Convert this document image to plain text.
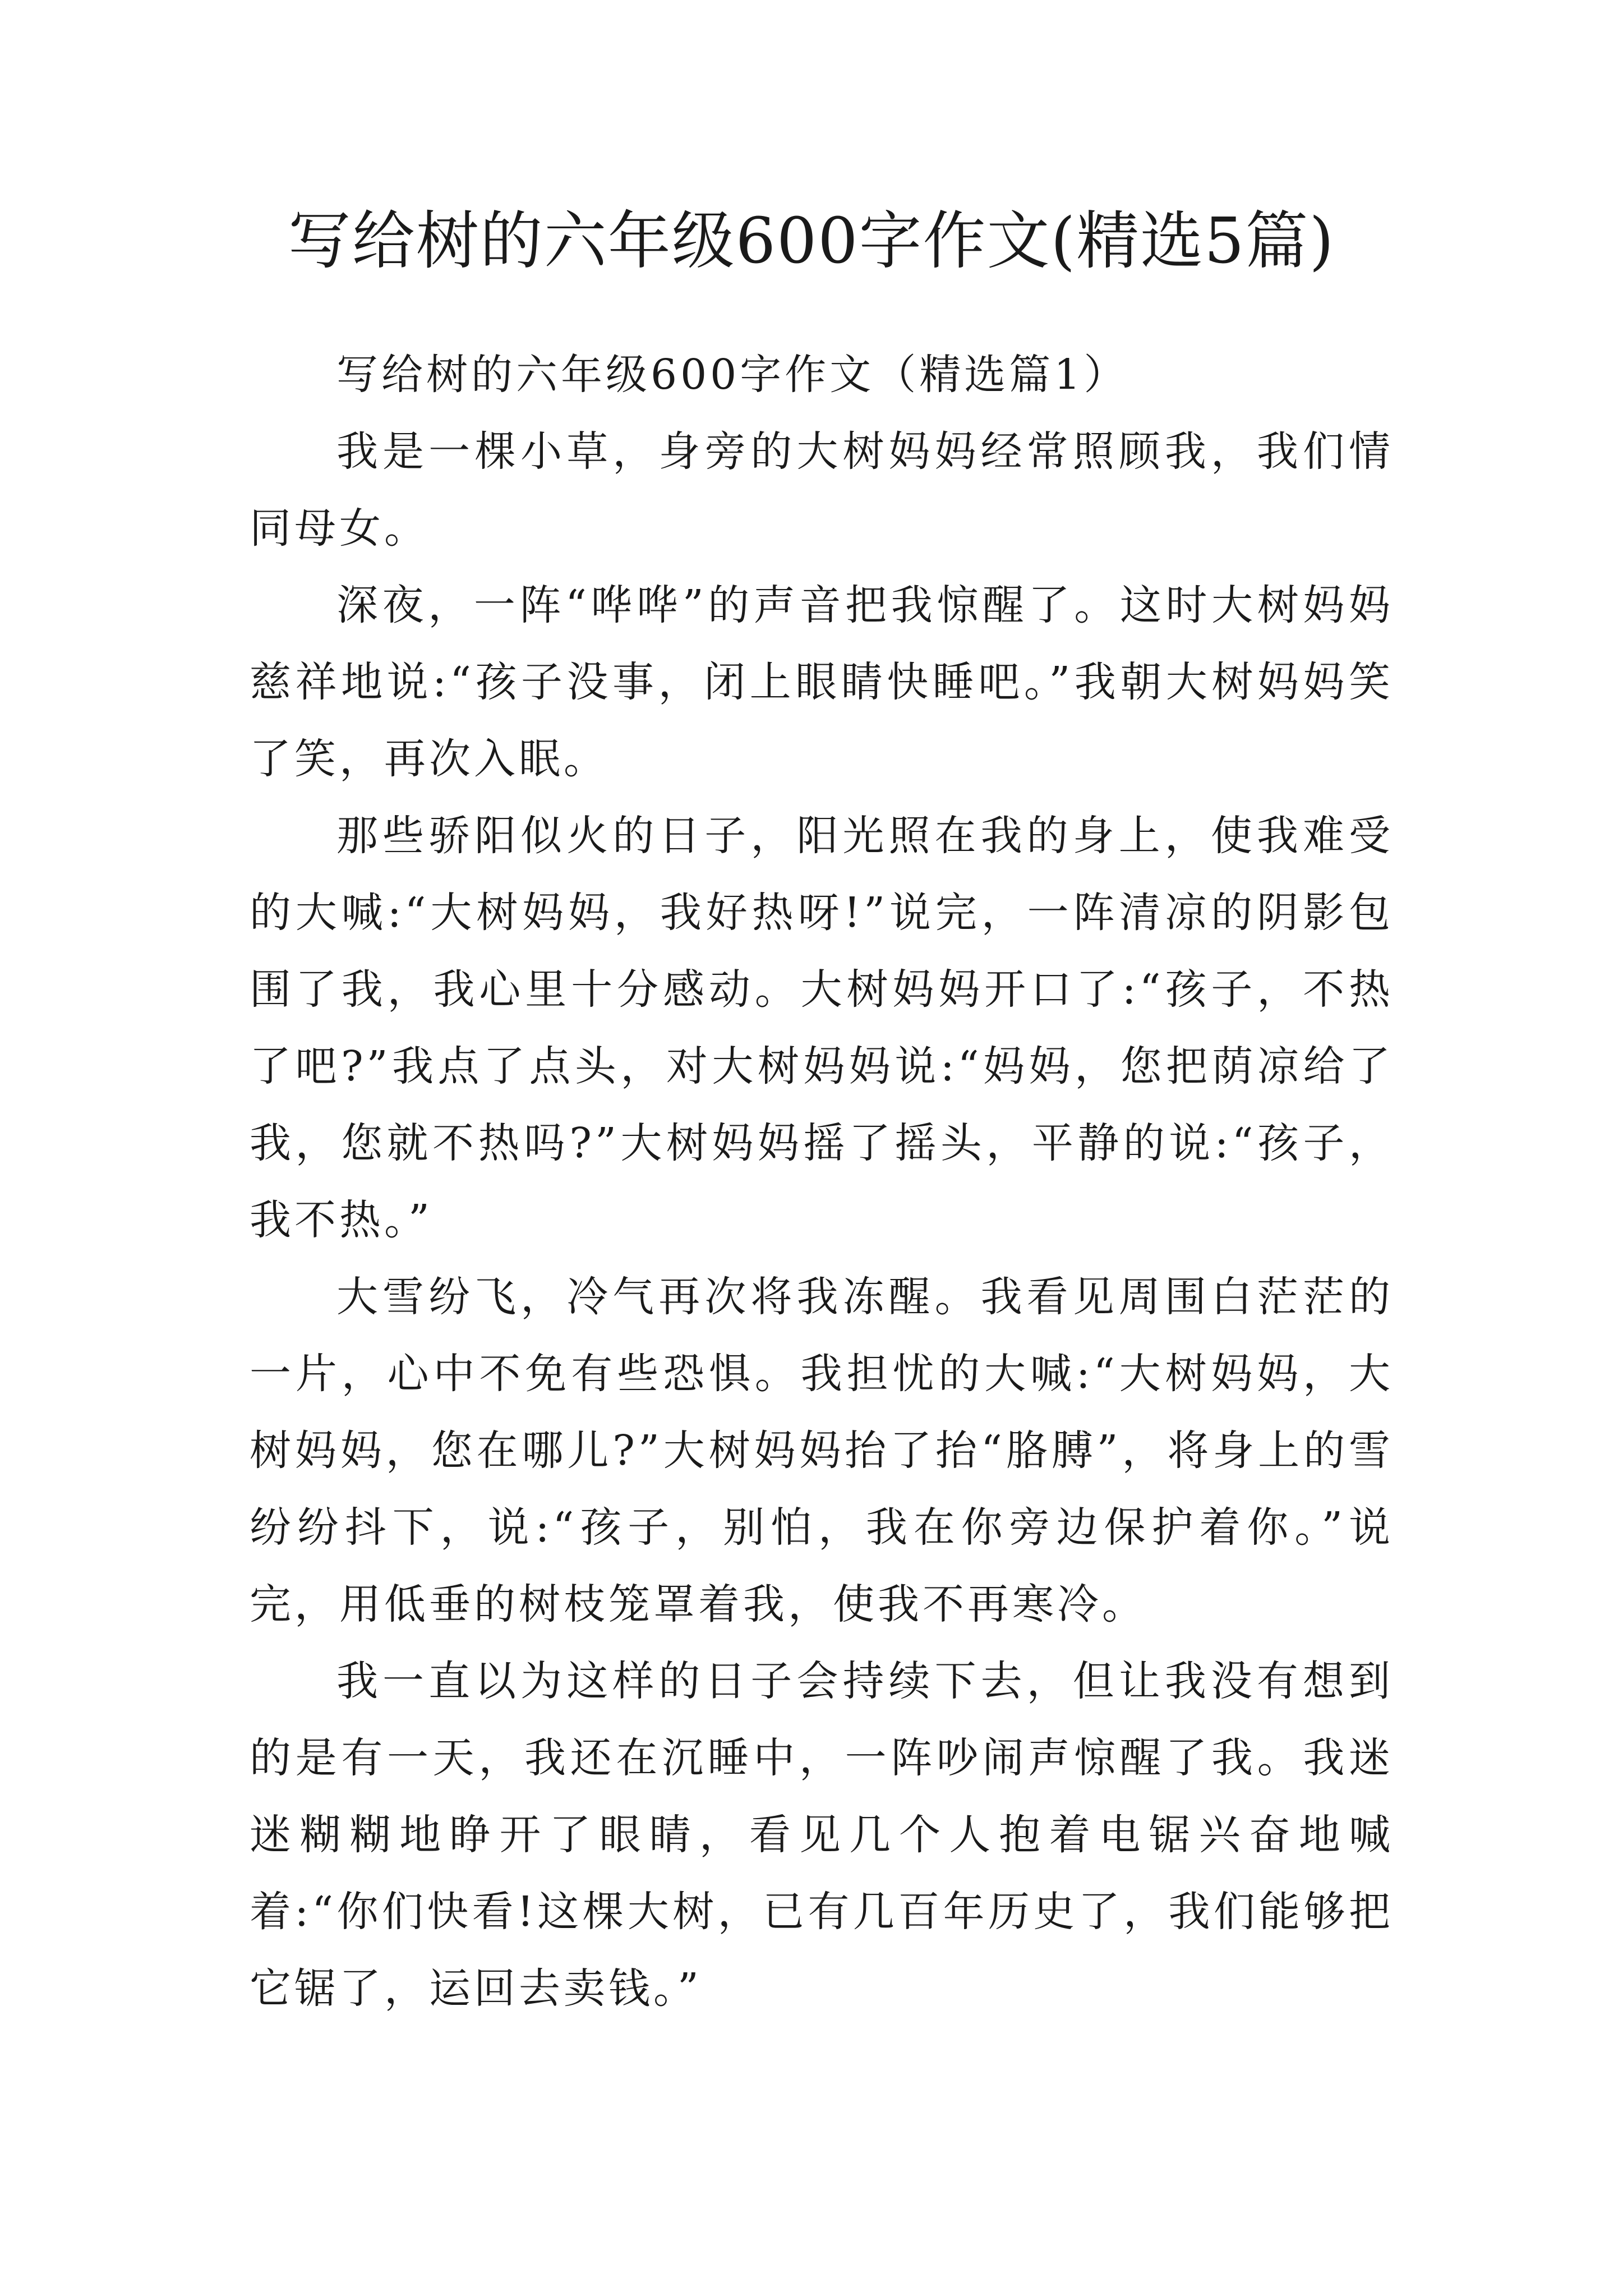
写给树的六年级600字作文(精选5篇)
写给树的六年级600字作文（精选篇1）

我是一棵小草，身旁的大树妈妈经常照顾我，我们情同母女。

深夜，一阵“哗哗”的声音把我惊醒了。这时大树妈妈慈祥地说:“孩子没事，闭上眼睛快睡吧。”我朝大树妈妈笑了笑，再次入眠。

那些骄阳似火的日子，阳光照在我的身上，使我难受的大喊:“大树妈妈，我好热呀!”说完，一阵清凉的阴影包围了我，我心里十分感动。大树妈妈开口了:“孩子，不热了吧?”我点了点头，对大树妈妈说:“妈妈，您把荫凉给了我，您就不热吗?”大树妈妈摇了摇头，平静的说:“孩子，我不热。”

大雪纷飞，冷气再次将我冻醒。我看见周围白茫茫的一片，心中不免有些恐惧。我担忧的大喊:“大树妈妈，大树妈妈，您在哪儿?”大树妈妈抬了抬“胳膊”，将身上的雪纷纷抖下，说:“孩子，别怕，我在你旁边保护着你。”说完，用低垂的树枝笼罩着我，使我不再寒冷。

我一直以为这样的日子会持续下去，但让我没有想到的是有一天，我还在沉睡中，一阵吵闹声惊醒了我。我迷迷糊糊地睁开了眼睛，看见几个人抱着电锯兴奋地喊着:“你们快看!这棵大树，已有几百年历史了，我们能够把它锯了，运回去卖钱。”
